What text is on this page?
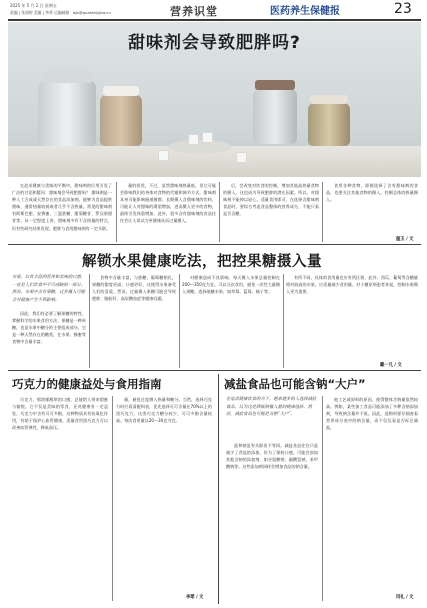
2025 年 5 月 2 日 星期五
责编 | 张闻婷 美编 | 李勇 运编邮箱：bjb@quanfeiyjkw.cn	营养识堂	医药养生保健报	23
甜味剂会导致肥胖吗?

在追求健康与美味的平衡中，甜味剂的应用引发了广泛的讨论和疑问：甜味剂会导致肥胖吗？ 甜味剂是一种人工合成或天然存在的食品添加剂，能够为食品提供甜味，通常热量较低或者几乎不含热量。常见的甜味剂有阿斯巴甜、安赛蜜、三氯蔗糖、甜菊糖苷、罗汉果甜苷等。从一定程度上讲，甜味剂多有不含热量的特点，但有些研究结果发现，肥胖与食用甜味剂有一定关联。

量的担忧。不过，虽然甜味剂热量低，但它可能会影响我们的身体对食物的代谢和调节方式。甜味剂本身可能影响肠道菌群；长期摄入含甜味剂的饮料，可能让人对甜味的渴望增加，进而摄入更多的食物，最终引发体重增加。此外，很多含有甜味剂的食品往往会让人误以为更健康从而过量摄入。

后，会改变对饮食的控制，增加其他高热量食物的摄入。这也成为导致肥胖的潜在因素。所以，对甜味剂不能掉以轻心，适量食用即可。在选择含甜味剂食品时，要综合考虑食品整体的营养成分，不能只看是否含糖。

食用各种食物，即便选择了含有甜味剂的食品，也要关注其他食物的摄入，控制总体的热量摄入。

温玉 / 文
解锁水果健康吃法，把控果糖摄入量
水果，以其丰富的营养和美味的口感，一直是人们饮食中不可或缺的一部分。然而，水果中含有果糖，过多摄入可能会对健康产生不利影响。

因此，我们有必要了解果糖的特性，掌握科学的水果食用方法。果糖是一种单糖，也是水果中糖分的主要组成部分。它是一种天然存在的糖类，在水果、蜂蜜等食物中含量丰富。

食物中含量丰富，与蔗糖、葡萄糖相比，果糖的甜度更高，口感更好，这使得水果备受人们的喜爱。然而，过量摄入果糖可能会导致肥胖、脂肪肝、高尿酸血症等健康问题。

对健康造成不良影响。每天摄入水果总量控制在200～350克为宜。可以分次食用，避免一次性大量摄入果糖。选择低糖水果，如草莓、蓝莓、柚子等。

有所不同，具体的食用量也应有所区别。此外，西瓜、葡萄等含糖量相对较高的水果，应适量减少食用量。对于糖尿病患者来说，控制水果摄入更为重要。

戴一凡 / 文
巧克力的健康益处与食用指南

巧克力，那浓郁醇厚的口感，总能给人带来甜蜜与愉悦。它不仅是美味的零食，还对健康有一定益处。巧克力中含有可可多酚，这种物质具有抗氧化作用，有助于保护心血管健康。适量食用黑巧克力可以改善血管弹性，降低血压。

量，避免过度摄入热量和糖分。当然，选择巧克力时应看清配料表，优先选择可可含量在70%以上的黑巧克力，这类巧克力糖分较少，可可多酚含量较高。每次食用量以20～30克为宜。

李珺 / 文
减盐食品也可能含钠“大户”
在追求健康饮食的当下，越来越多的人选择减盐食品，认为这是降低钠摄入量的健康选择。然而，减盐食品也可能是含钠“大户”。

盐和钠虽有关联但不等同。减盐食品往往只是减少了食盐的添加，但为了保持口感，可能会添加其他含钠的添加剂，如谷氨酸钠、碳酸氢钠、苯甲酸钠等。这些添加剂同样会增加食品的钠含量。

他工艺或原料的原因，使得整体含钠量依然较高。例如，某些加工食品可能添加了多种含钠添加剂，导致钠含量并不低。因此，选购时要仔细查看营养成分表中的钠含量，而不仅仅看是否标注减盐。

闫礼 / 文
